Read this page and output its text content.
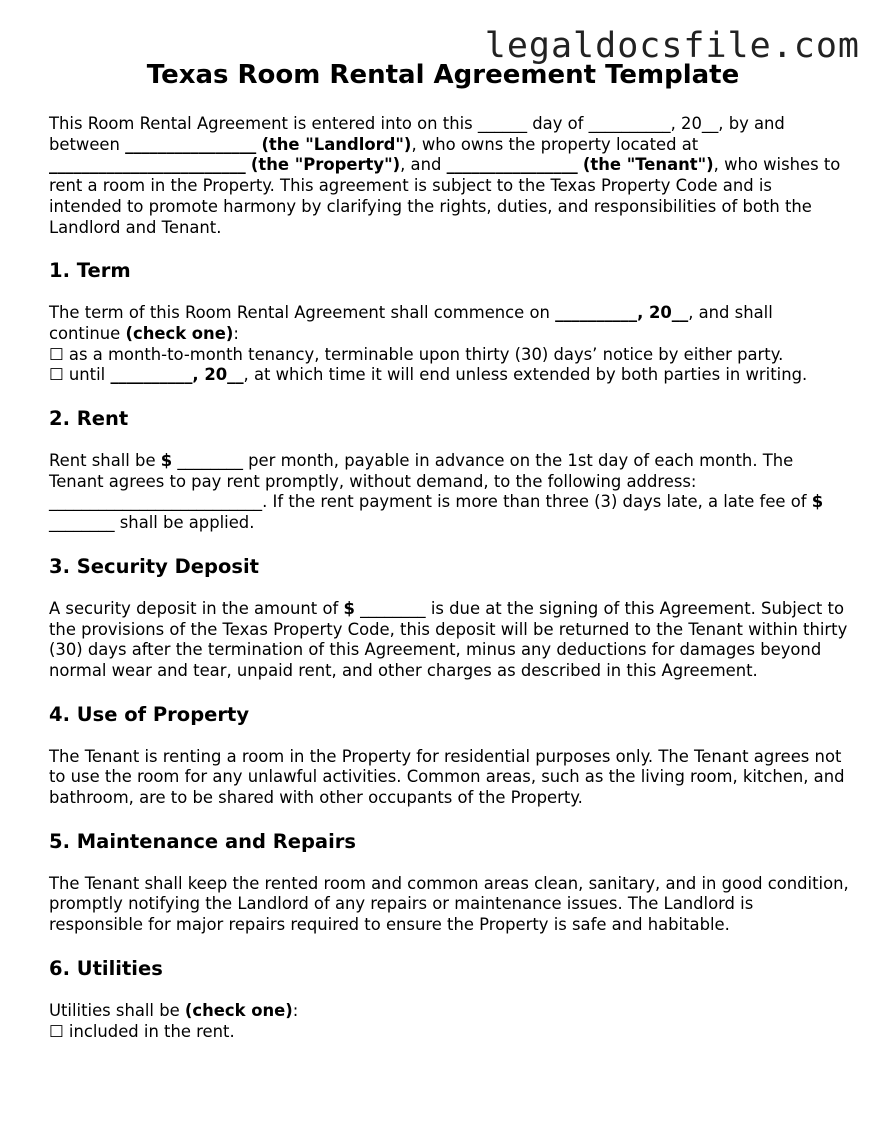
legaldocsfile.com
Texas Room Rental Agreement Template

This Room Rental Agreement is entered into on this ______ day of __________, 20__, by and between ________________ (the "Landlord"), who owns the property located at ________________________ (the "Property"), and ________________ (the "Tenant"), who wishes to rent a room in the Property. This agreement is subject to the Texas Property Code and is intended to promote harmony by clarifying the rights, duties, and responsibilities of both the Landlord and Tenant.

1. Term

The term of this Room Rental Agreement shall commence on __________, 20__, and shall continue (check one):
☐ as a month-to-month tenancy, terminable upon thirty (30) days’ notice by either party.
☐ until __________, 20__, at which time it will end unless extended by both parties in writing.

2. Rent

Rent shall be $ ________ per month, payable in advance on the 1st day of each month. The Tenant agrees to pay rent promptly, without demand, to the following address: __________________________. If the rent payment is more than three (3) days late, a late fee of $ ________ shall be applied.

3. Security Deposit

A security deposit in the amount of $ ________ is due at the signing of this Agreement. Subject to the provisions of the Texas Property Code, this deposit will be returned to the Tenant within thirty (30) days after the termination of this Agreement, minus any deductions for damages beyond normal wear and tear, unpaid rent, and other charges as described in this Agreement.

4. Use of Property

The Tenant is renting a room in the Property for residential purposes only. The Tenant agrees not to use the room for any unlawful activities. Common areas, such as the living room, kitchen, and bathroom, are to be shared with other occupants of the Property.

5. Maintenance and Repairs

The Tenant shall keep the rented room and common areas clean, sanitary, and in good condition, promptly notifying the Landlord of any repairs or maintenance issues. The Landlord is responsible for major repairs required to ensure the Property is safe and habitable.

6. Utilities

Utilities shall be (check one):
☐ included in the rent.
